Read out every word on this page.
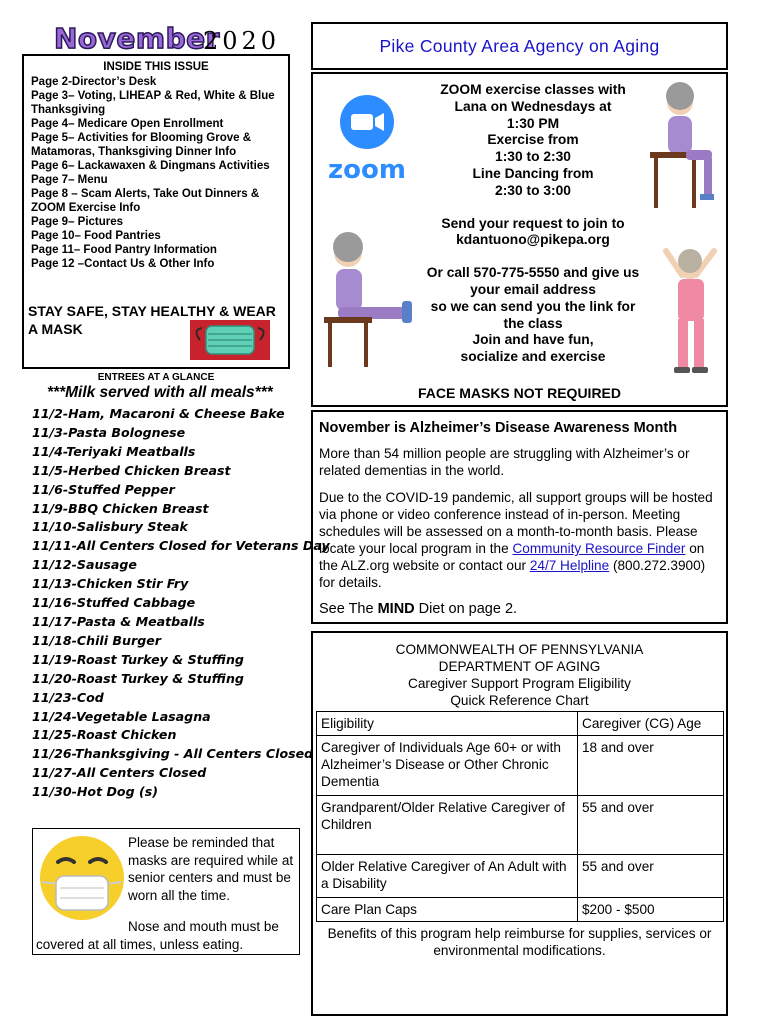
November
2020
INSIDE THIS ISSUE
Page 2-Director’s Desk
Page 3– Voting, LIHEAP & Red, White & Blue Thanksgiving
Page 4– Medicare Open Enrollment
Page 5– Activities for Blooming Grove & Matamoras, Thanksgiving Dinner Info
Page 6– Lackawaxen & Dingmans Activities
Page 7– Menu
Page 8 – Scam Alerts, Take Out Dinners & ZOOM Exercise Info
Page 9– Pictures
Page 10– Food Pantries
Page 11– Food Pantry Information
Page 12 –Contact Us & Other Info
STAY SAFE, STAY HEALTHY & WEAR A MASK
ENTREES AT A GLANCE
***Milk served with all meals***
11/2-Ham, Macaroni & Cheese Bake
11/3-Pasta Bolognese
11/4-Teriyaki Meatballs
11/5-Herbed Chicken Breast
11/6-Stuffed Pepper
11/9-BBQ Chicken Breast
11/10-Salisbury Steak
11/11-All Centers Closed for Veterans Day
11/12-Sausage
11/13-Chicken Stir Fry
11/16-Stuffed Cabbage
11/17-Pasta & Meatballs
11/18-Chili Burger
11/19-Roast Turkey & Stuffing
11/20-Roast Turkey & Stuffing
11/23-Cod
11/24-Vegetable Lasagna
11/25-Roast Chicken
11/26-Thanksgiving - All Centers Closed
11/27-All Centers Closed
11/30-Hot Dog (s)
Please be reminded that masks are required while at senior centers and must be worn all the time.
Nose and mouth must be covered at all times, unless eating.
Pike County Area Agency on Aging
zoom
ZOOM exercise classes with
Lana on Wednesdays at
1:30 PM
Exercise from
1:30 to 2:30
Line Dancing from
2:30 to 3:00
Send your request to join to
kdantuono@pikepa.org
Or call 570-775-5550 and give us
your email address
so we can send you the link for
the class
Join and have fun,
socialize and exercise
FACE MASKS NOT REQUIRED
November is Alzheimer’s Disease Awareness Month

More than 54 million people are struggling with Alzheimer’s or related dementias in the world.

Due to the COVID-19 pandemic, all support groups will be hosted via phone or video conference instead of in-person. Meeting schedules will be assessed on a month-to-month basis. Please locate your local program in the Community Resource Finder on the ALZ.org website or contact our 24/7 Helpline (800.272.3900) for details.

See The MIND Diet on page 2.

COMMONWEALTH OF PENNSYLVANIA
DEPARTMENT OF AGING
Caregiver Support Program Eligibility
Quick Reference Chart
Eligibility	Caregiver (CG) Age
Caregiver of Individuals Age 60+ or with Alzheimer’s Disease or Other Chronic Dementia	18 and over
Grandparent/Older Relative Caregiver of Children	55 and over
Older Relative Caregiver of An Adult with a Disability	55 and over
Care Plan Caps	$200 - $500
Benefits of this program help reimburse for supplies, services or environmental modifications.
